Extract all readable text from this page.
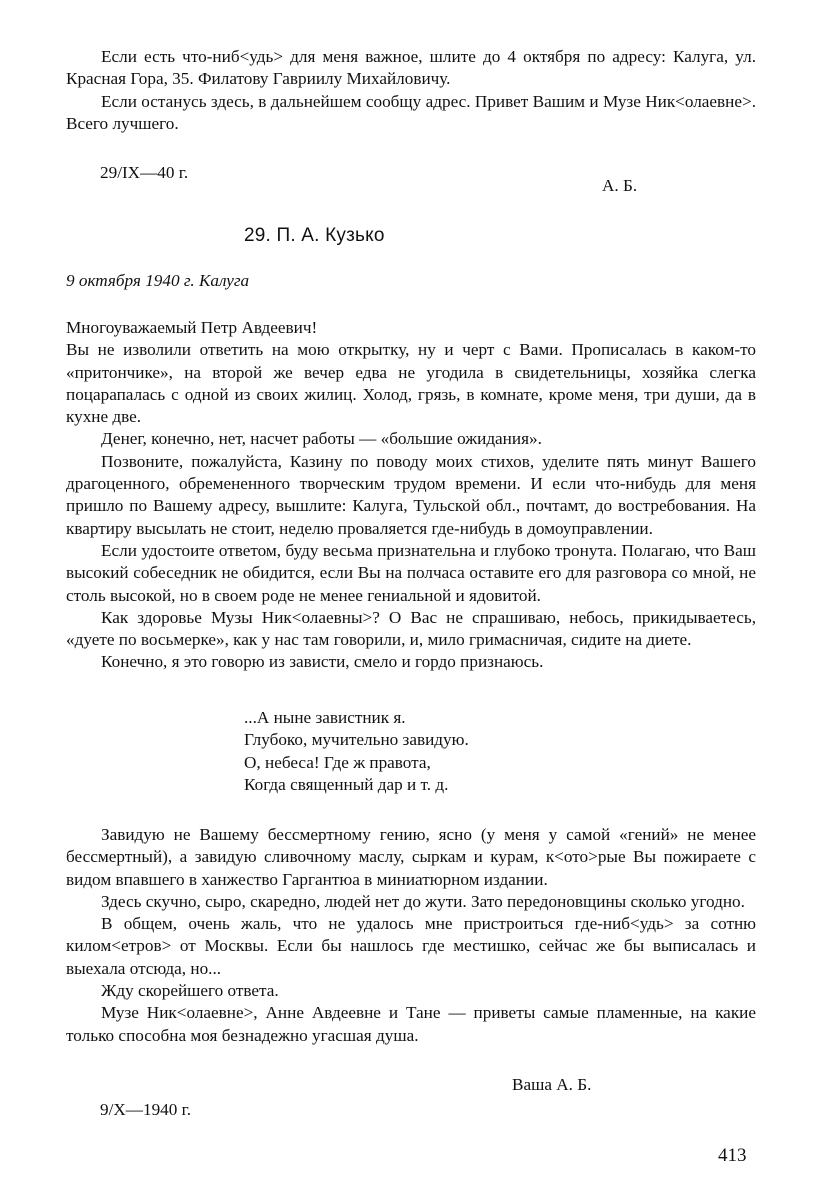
Если есть что-ниб<удь> для меня важное, шлите до 4 октября по адресу: Калуга, ул. Красная Гора, 35. Филатову Гавриилу Михайловичу.

Если останусь здесь, в дальнейшем сообщу адрес. Привет Вашим и Музе Ник<олаевне>. Всего лучшего.

29/IX—40 г.
А. Б.
29. П. А. Кузько
9 октября 1940 г. Калуга

Многоуважаемый Петр Авдеевич!

Вы не изволили ответить на мою открытку, ну и черт с Вами. Прописалась в каком-то «притончике», на второй же вечер едва не угодила в свидетельницы, хозяйка слегка поцарапалась с одной из своих жилиц. Холод, грязь, в комнате, кроме меня, три души, да в кухне две.

Денег, конечно, нет, насчет работы — «большие ожидания».

Позвоните, пожалуйста, Казину по поводу моих стихов, уделите пять минут Вашего драгоценного, обремененного творческим трудом времени. И если что-нибудь для меня пришло по Вашему адресу, вышлите: Калуга, Тульской обл., почтамт, до востребования. На квартиру высылать не стоит, неделю проваляется где-нибудь в домоуправлении.

Если удостоите ответом, буду весьма признательна и глубоко тронута. Полагаю, что Ваш высокий собеседник не обидится, если Вы на полчаса оставите его для разговора со мной, не столь высокой, но в своем роде не менее гениальной и ядовитой.

Как здоровье Музы Ник<олаевны>? О Вас не спрашиваю, небось, прикидываетесь, «дуете по восьмерке», как у нас там говорили, и, мило гримасничая, сидите на диете.

Конечно, я это говорю из зависти, смело и гордо признаюсь.

...А ныне завистник я.
Глубоко, мучительно завидую.
О, небеса! Где ж правота,
Когда священный дар и т. д.

Завидую не Вашему бессмертному гению, ясно (у меня у самой «гений» не менее бессмертный), а завидую сливочному маслу, сыркам и курам, к<ото>рые Вы пожираете с видом впавшего в ханжество Гаргантюа в миниатюрном издании.

Здесь скучно, сыро, скаредно, людей нет до жути. Зато передоновщины сколько угодно.

В общем, очень жаль, что не удалось мне пристроиться где-ниб<удь> за сотню килом<етров> от Москвы. Если бы нашлось где местишко, сейчас же бы выписалась и выехала отсюда, но...

Жду скорейшего ответа.

Музе Ник<олаевне>, Анне Авдеевне и Тане — приветы самые пламенные, на какие только способна моя безнадежно угасшая душа.

Ваша А. Б.
9/X—1940 г.
413
